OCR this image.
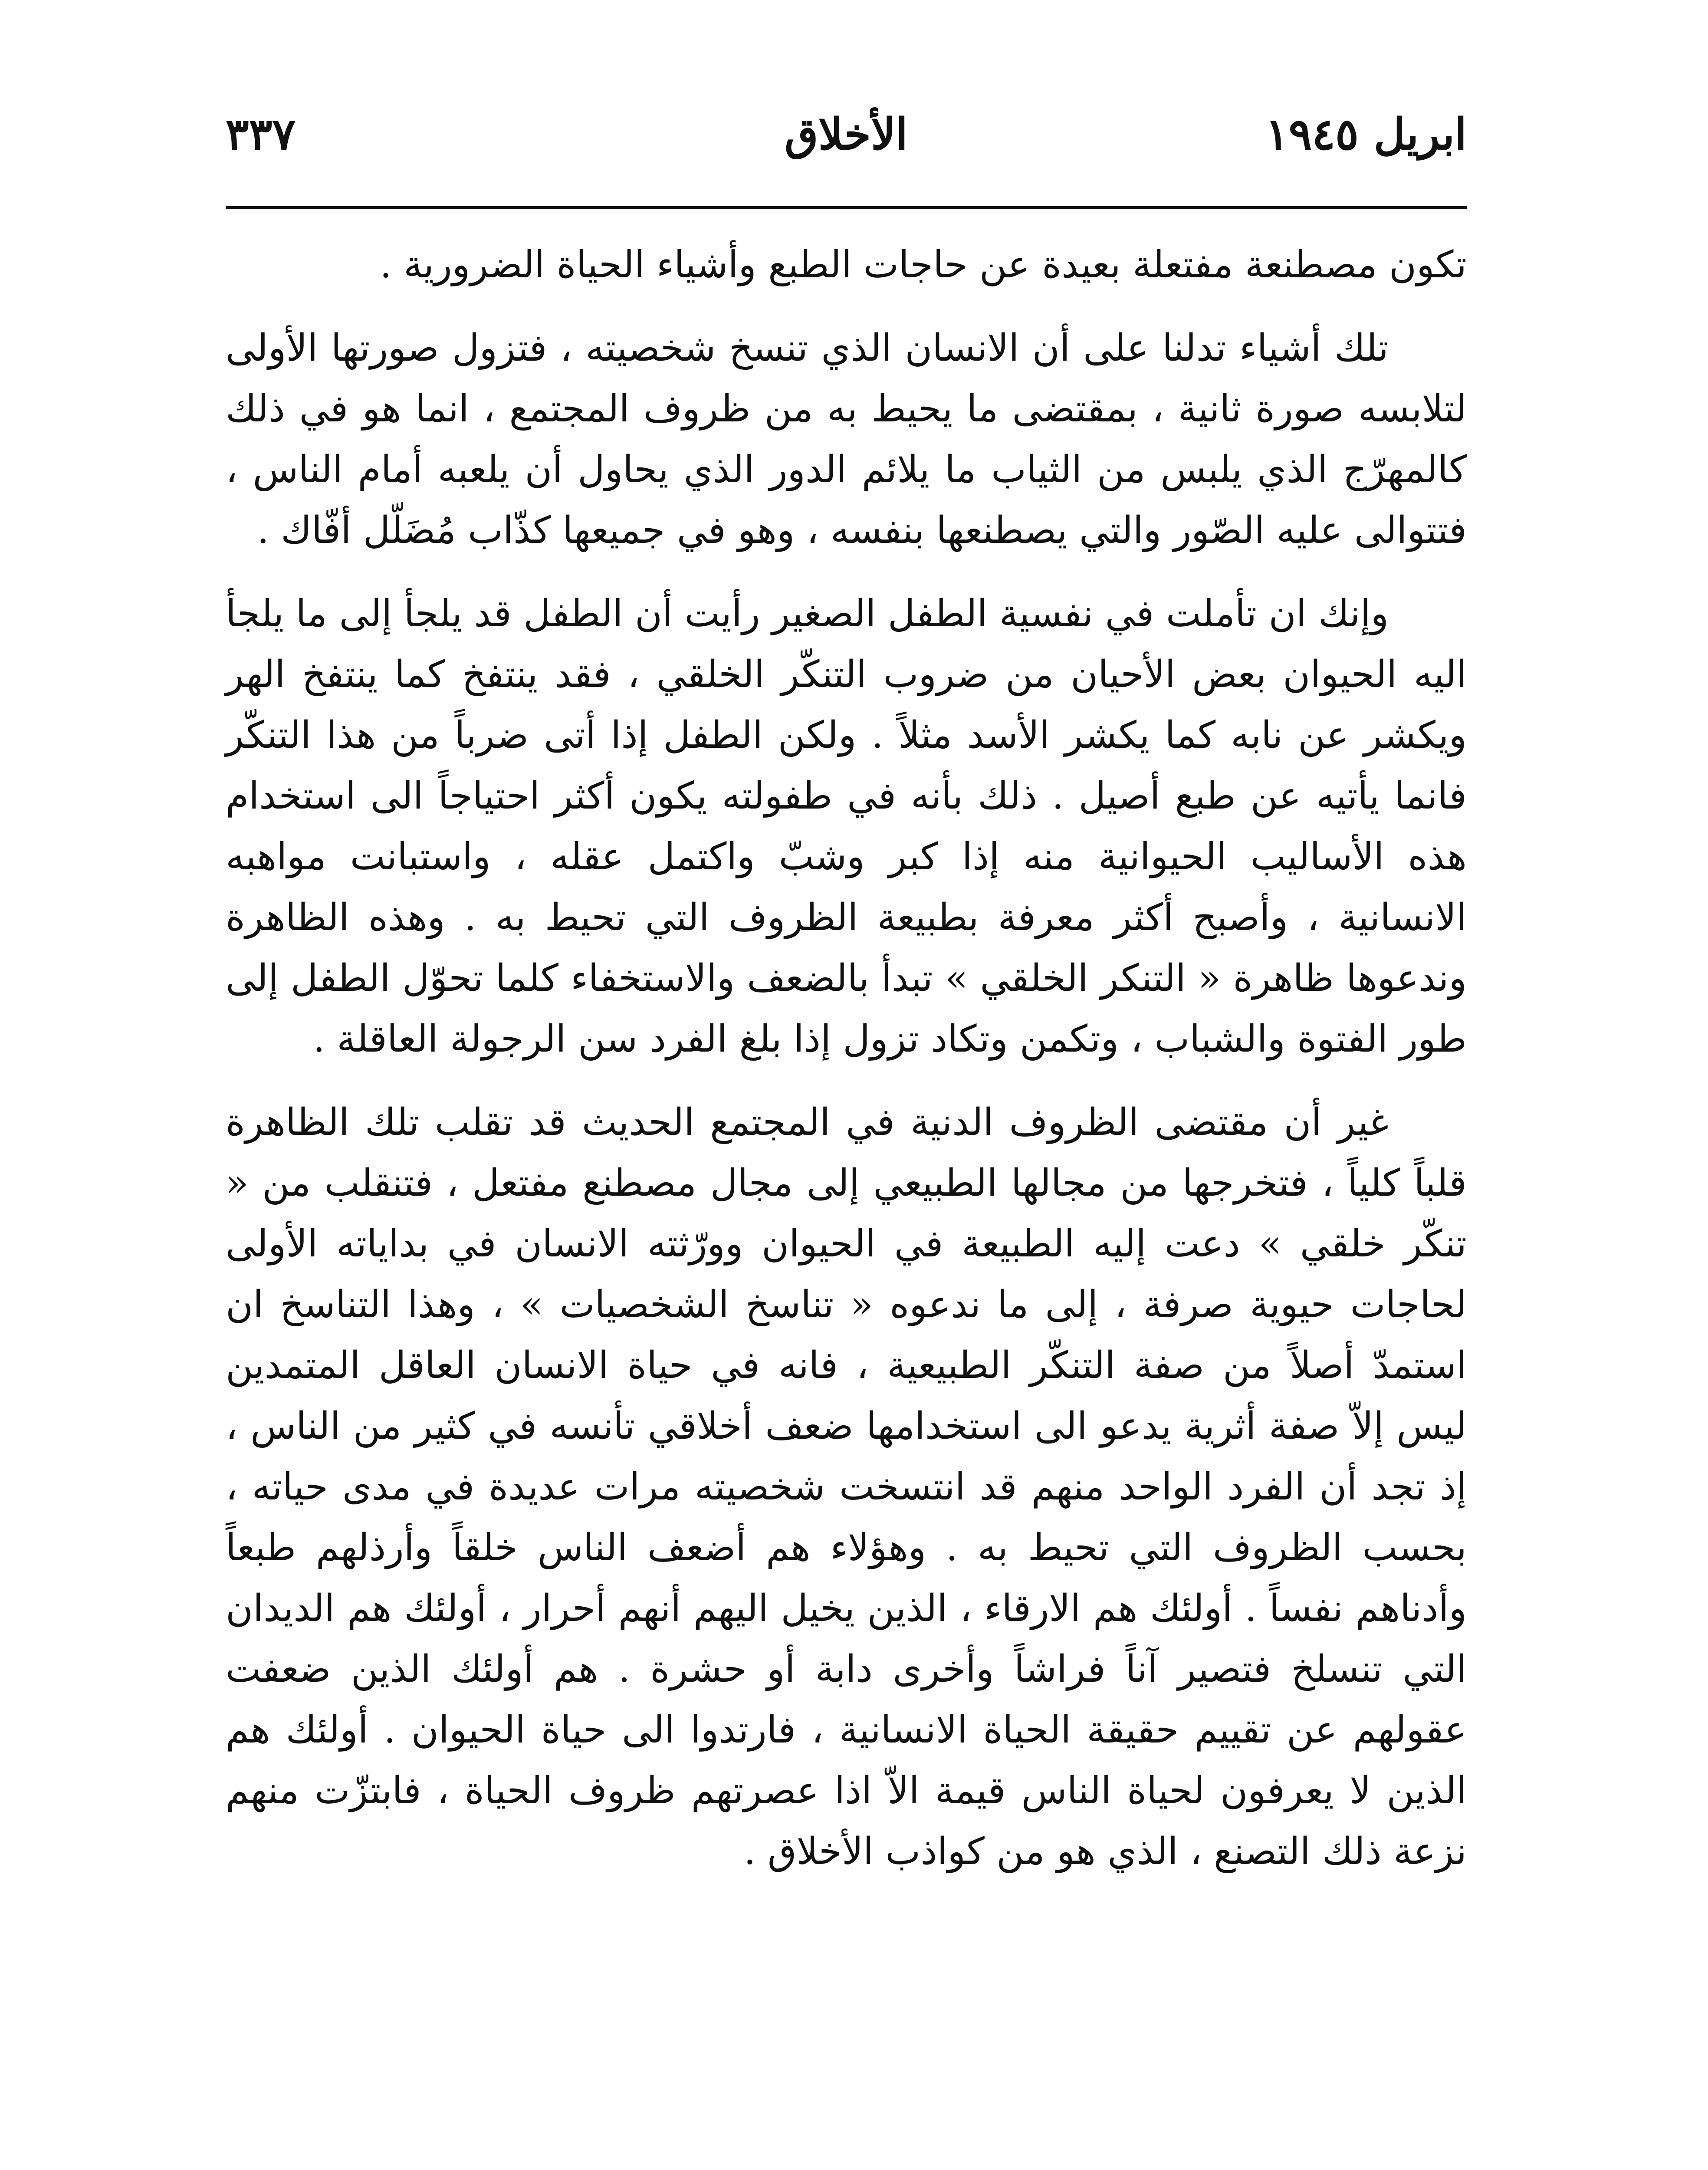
ابريل ١٩٤٥
الأخلاق
٣٣٧

تكون مصطنعة مفتعلة بعيدة عن حاجات الطبع وأشياء الحياة الضرورية .

تلك أشياء تدلنا على أن الانسان الذي تنسخ شخصيته ، فتزول صورتها الأولى لتلابسه صورة ثانية ، بمقتضى ما يحيط به من ظروف المجتمع ، انما هو في ذلك كالمهرّج الذي يلبس من الثياب ما يلائم الدور الذي يحاول أن يلعبه أمام الناس ، فتتوالى عليه الصّور والتي يصطنعها بنفسه ، وهو في جميعها كذّاب مُضَلّل أفّاك .

وإنك ان تأملت في نفسية الطفل الصغير رأيت أن الطفل قد يلجأ إلى ما يلجأ اليه الحيوان بعض الأحيان من ضروب التنكّر الخلقي ، فقد ينتفخ كما ينتفخ الهر ويكشر عن نابه كما يكشر الأسد مثلاً . ولكن الطفل إذا أتى ضرباً من هذا التنكّر فانما يأتيه عن طبع أصيل . ذلك بأنه في طفولته يكون أكثر احتياجاً الى استخدام هذه الأساليب الحيوانية منه إذا كبر وشبّ واكتمل عقله ، واستبانت مواهبه الانسانية ، وأصبح أكثر معرفة بطبيعة الظروف التي تحيط به . وهذه الظاهرة وندعوها ظاهرة « التنكر الخلقي » تبدأ بالضعف والاستخفاء كلما تحوّل الطفل إلى طور الفتوة والشباب ، وتكمن وتكاد تزول إذا بلغ الفرد سن الرجولة العاقلة .

غير أن مقتضى الظروف الدنية في المجتمع الحديث قد تقلب تلك الظاهرة قلباً كلياً ، فتخرجها من مجالها الطبيعي إلى مجال مصطنع مفتعل ، فتنقلب من « تنكّر خلقي » دعت إليه الطبيعة في الحيوان وورّثته الانسان في بداياته الأولى لحاجات حيوية صرفة ، إلى ما ندعوه « تناسخ الشخصيات » ، وهذا التناسخ ان استمدّ أصلاً من صفة التنكّر الطبيعية ، فانه في حياة الانسان العاقل المتمدين ليس إلاّ صفة أثرية يدعو الى استخدامها ضعف أخلاقي تأنسه في كثير من الناس ، إذ تجد أن الفرد الواحد منهم قد انتسخت شخصيته مرات عديدة في مدى حياته ، بحسب الظروف التي تحيط به . وهؤلاء هم أضعف الناس خلقاً وأرذلهم طبعاً وأدناهم نفساً . أولئك هم الارقاء ، الذين يخيل اليهم أنهم أحرار ، أولئك هم الديدان التي تنسلخ فتصير آناً فراشاً وأخرى دابة أو حشرة . هم أولئك الذين ضعفت عقولهم عن تقييم حقيقة الحياة الانسانية ، فارتدوا الى حياة الحيوان . أولئك هم الذين لا يعرفون لحياة الناس قيمة الاّ اذا عصرتهم ظروف الحياة ، فابتزّت منهم نزعة ذلك التصنع ، الذي هو من كواذب الأخلاق .
